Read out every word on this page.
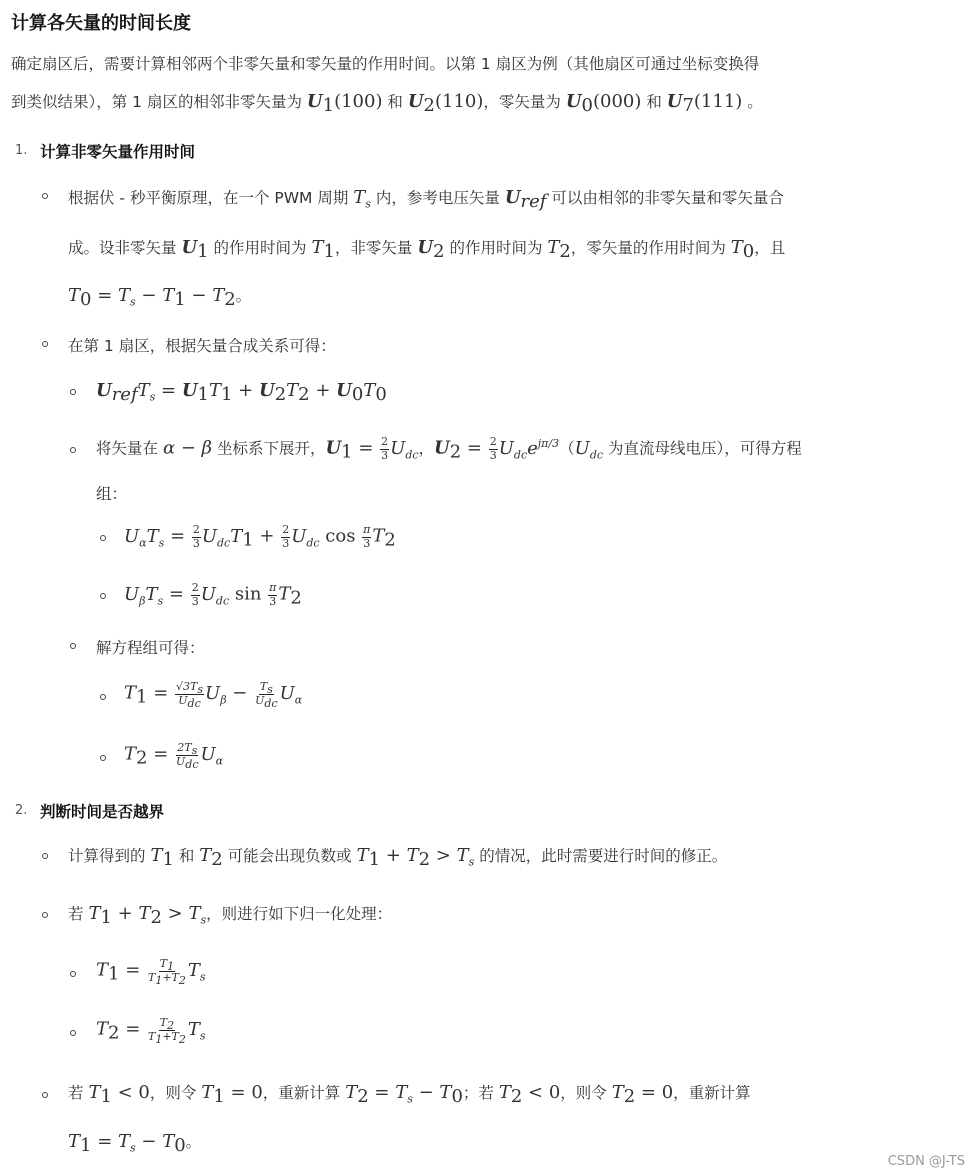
计算各矢量的时间长度
确定扇区后，需要计算相邻两个非零矢量和零矢量的作用时间。以第 1 扇区为例（其他扇区可通过坐标变换得
到类似结果），第 1 扇区的相邻非零矢量为 $U_1(100)$ 和 $U_2(110)$，零矢量为 $U_0(000)$ 和 $U_7(111)$ 。
1. 计算非零矢量作用时间
根据伏 - 秒平衡原理，在一个 PWM 周期 $T_s$ 内，参考电压矢量 $U_{ref}$ 可以由相邻的非零矢量和零矢量合
成。设非零矢量 $U_1$ 的作用时间为 $T_1$，非零矢量 $U_2$ 的作用时间为 $T_2$，零矢量的作用时间为 $T_0$，且
$T_0 = T_s - T_1 - T_2$。
在第 1 扇区，根据矢量合成关系可得：
$U_{ref}T_s = U_1T_1 + U_2T_2 + U_0T_0$
将矢量在 α − β 坐标系下展开，$U_1 = \frac{2}{3} U_{dc}$，$U_2 = \frac{2}{3} U_{dc}e^{j\pi/3}(U_{dc}$ 为直流母线电压），可得方程
组：
$U_\alpha T_s = \frac{2}{3} U_{dc}T_1 + \frac{2}{3} U_{dc}$ $\cos \frac{\pi}{3} T_2$
$U_\beta T_s = \frac{2}{3} U_{dc}$ $\sin \frac{\pi}{3} T_2$
解方程组可得：
$T_1 = \frac{√3T_s}{U_{dc}} U_\beta - \frac{T_s}{U_{dc}} U_\alpha$
$T_2 = \frac{2T_s}{U_{dc}} U_\alpha$
2. 判断时间是否越界
计算得到的 $T_1$ 和 $T_2$ 可能会出现负数或 $T_1 + T_2 > T_s$ 的情况，此时需要进行时间的修正。
若 $T_1 + T_2 > T_s$，则进行如下归一化处理：
$T_1 = \frac{T_1}{T_1+T_2} T_s$
$T_2 = \frac{T_2}{T_1+T_2} T_s$
若 $T_1 < 0$，则令 $T_1 = 0$，重新计算 $T_2 = T_s - T_0$；若 $T_2 < 0$，则令 $T_2 = 0$，重新计算
$T_1 = T_s - T_0$。
CSDN @J-TS
